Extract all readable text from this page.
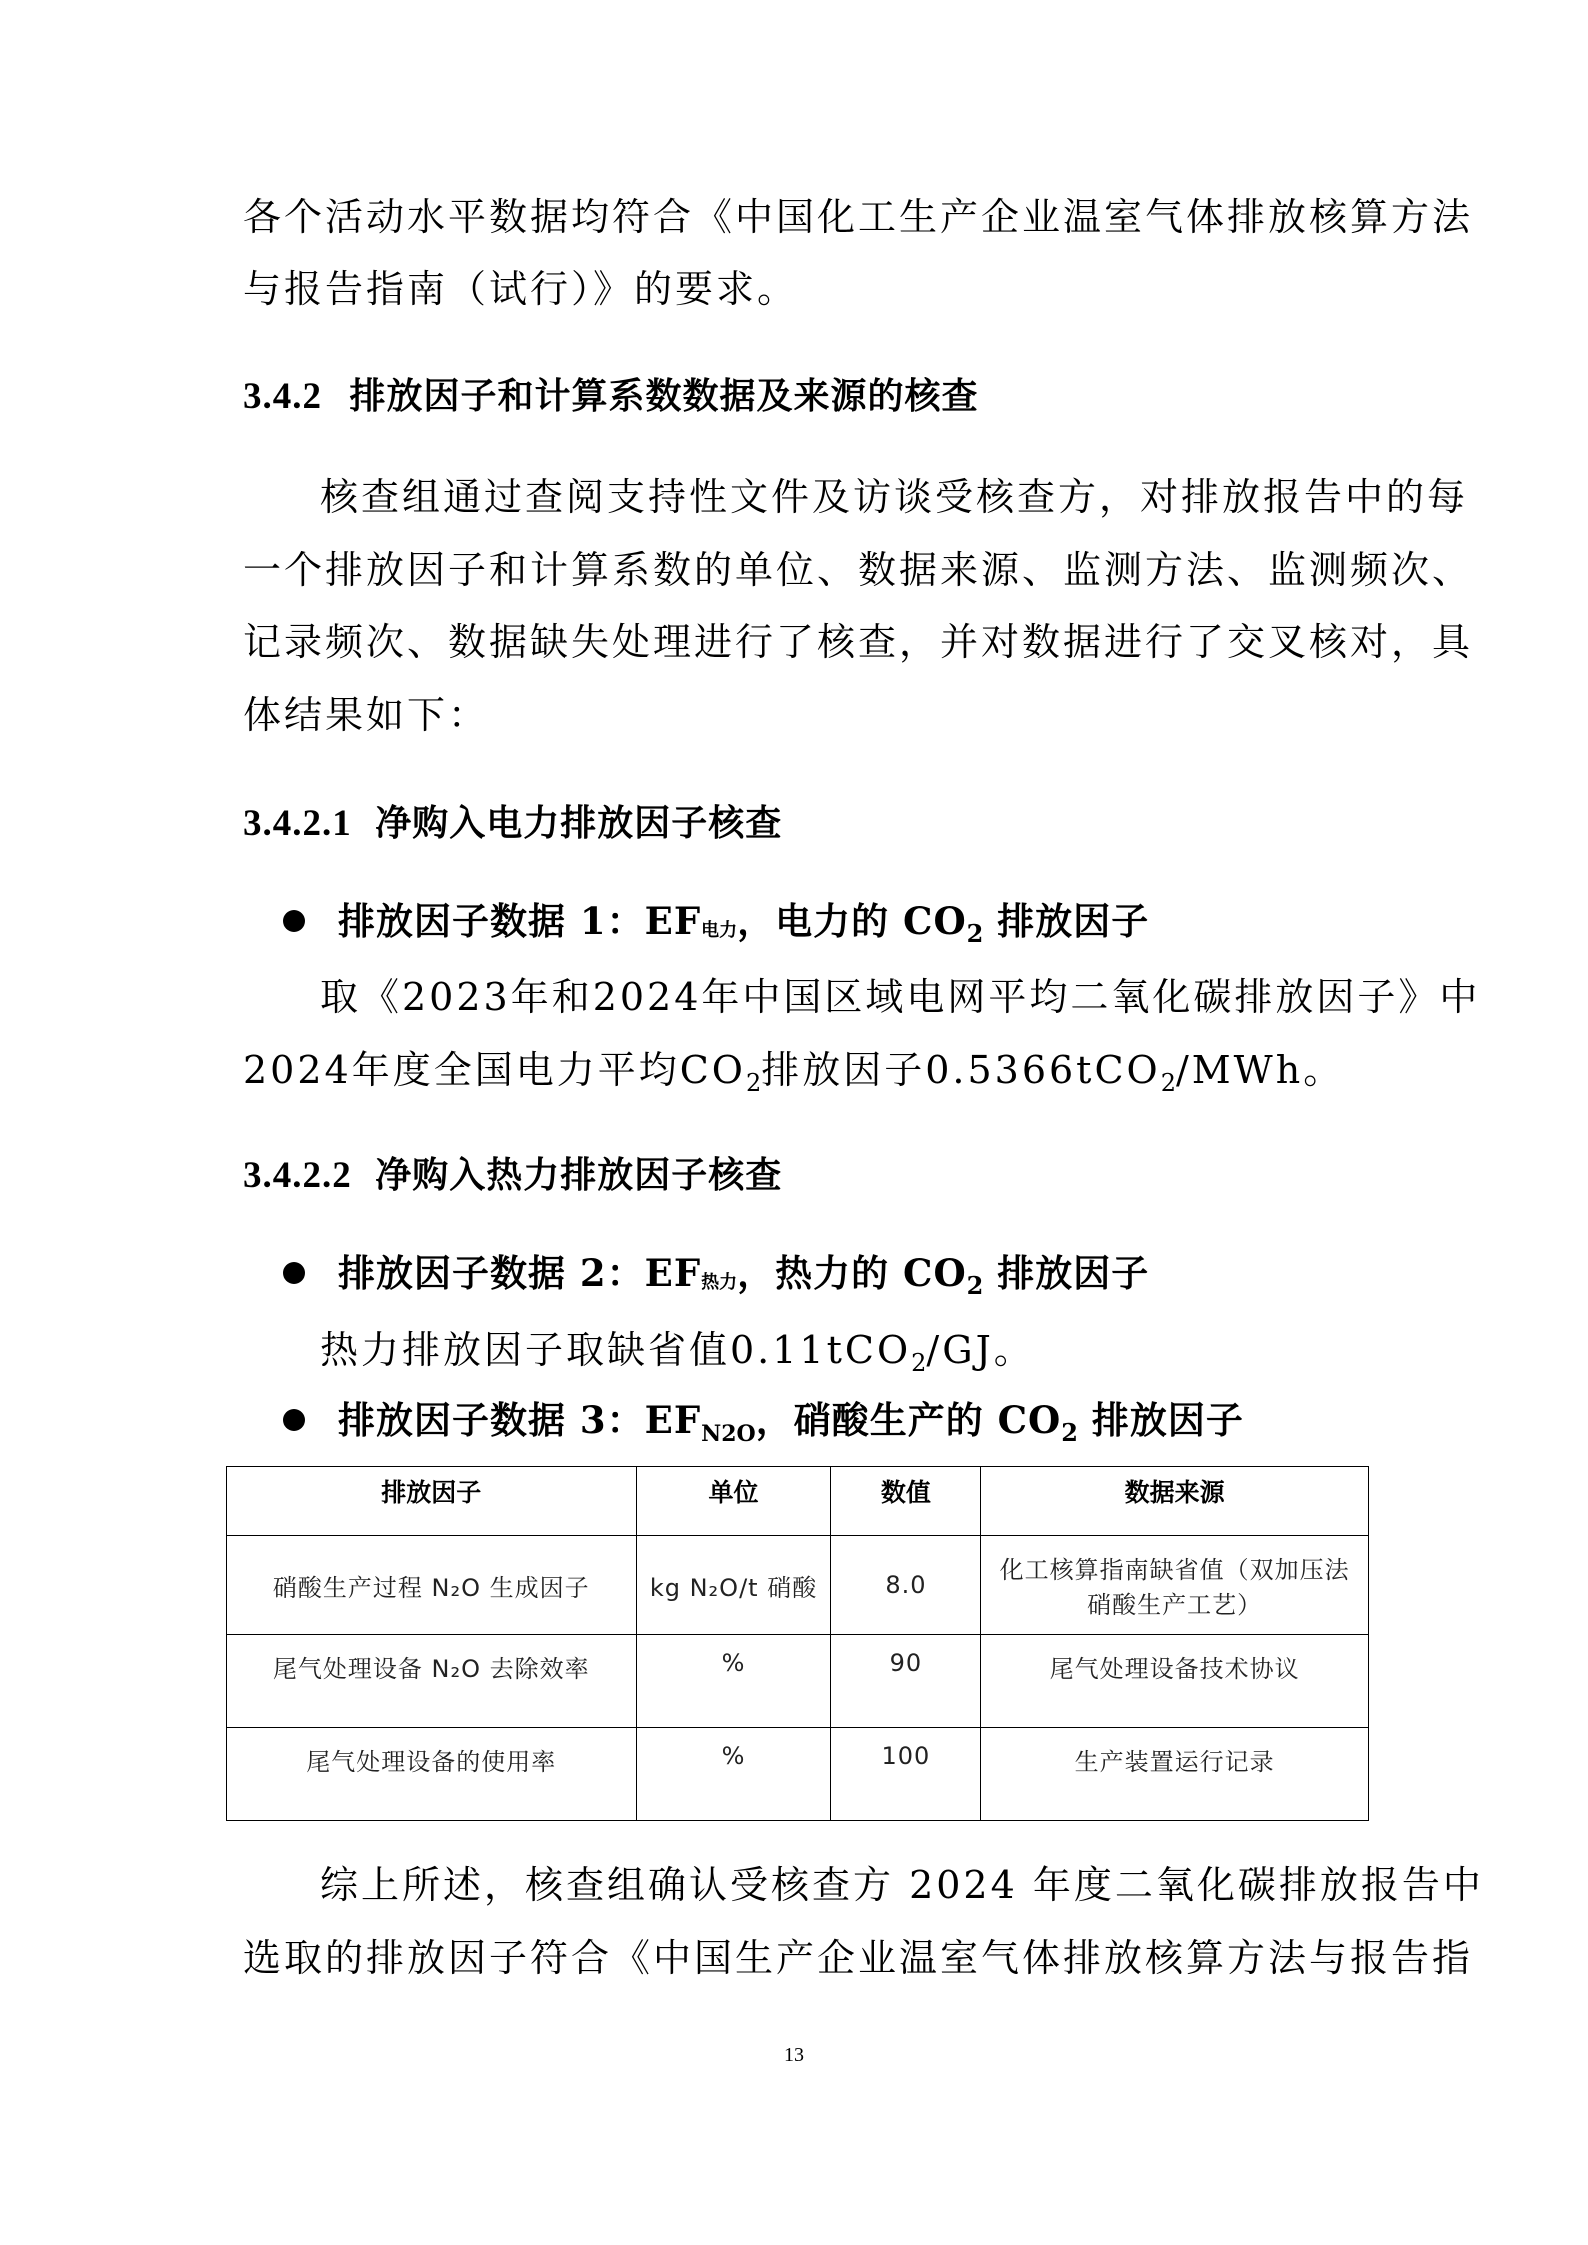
各个活动水平数据均符合《中国化工生产企业温室气体排放核算方法
与报告指南（试行）》的要求。
3.4.2 排放因子和计算系数数据及来源的核查
核查组通过查阅支持性文件及访谈受核查方，对排放报告中的每
一个排放因子和计算系数的单位、数据来源、监测方法、监测频次、
记录频次、数据缺失处理进行了核查，并对数据进行了交叉核对，具
体结果如下：
3.4.2.1 净购入电力排放因子核查
排放因子数据 1：EF电力，电力的 $CO_2$ 排放因子
取《2023年和2024年中国区域电网平均二氧化碳排放因子》中
2024年度全国电力平均$CO_2$排放因子0.5366tCO$_2$/MWh。
3.4.2.2 净购入热力排放因子核查
排放因子数据 2：EF热力，热力的 $CO_2$ 排放因子
热力排放因子取缺省值0.11tCO$_2$/GJ。
排放因子数据 3：$EF_{N2O}$，硝酸生产的 $CO_2$ 排放因子
排放因子	单位	数值	数据来源
硝酸生产过程 N₂O 生成因子	kg N₂O/t 硝酸	8.0	化工核算指南缺省值（双加压法硝酸生产工艺）
尾气处理设备 N₂O 去除效率	%	90	尾气处理设备技术协议
尾气处理设备的使用率	%	100	生产装置运行记录
综上所述，核查组确认受核查方 2024 年度二氧化碳排放报告中
选取的排放因子符合《中国生产企业温室气体排放核算方法与报告指
13
